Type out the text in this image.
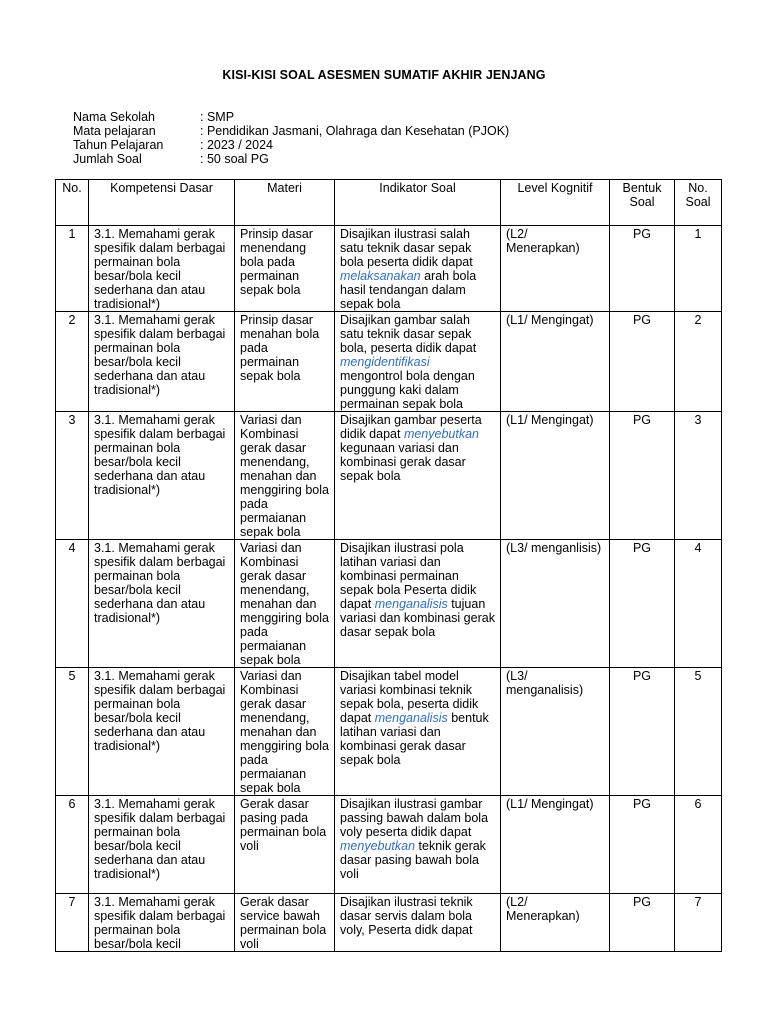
KISI-KISI SOAL ASESMEN SUMATIF AKHIR JENJANG
Nama Sekolah	: SMP
Mata pelajaran	: Pendidikan Jasmani, Olahraga dan Kesehatan (PJOK)
Tahun Pelajaran	: 2023 / 2024
Jumlah Soal	: 50 soal PG
No.	Kompetensi Dasar	Materi	Indikator Soal	Level Kognitif	Bentuk Soal	No. Soal
1	3.1. Memahami gerak spesifik dalam berbagai permainan bola besar/bola kecil sederhana dan atau tradisional*)	Prinsip dasar menendang bola pada permainan sepak bola	Disajikan ilustrasi salah satu teknik dasar sepak bola peserta didik dapat melaksanakan arah bola hasil tendangan dalam sepak bola	(L2/ Menerapkan)	PG	1
2	3.1. Memahami gerak spesifik dalam berbagai permainan bola besar/bola kecil sederhana dan atau tradisional*)	Prinsip dasar menahan bola pada permainan sepak bola	Disajikan gambar salah satu teknik dasar sepak bola, peserta didik dapat mengidentifikasi mengontrol bola dengan punggung kaki dalam permainan sepak bola	(L1/ Mengingat)	PG	2
3	3.1. Memahami gerak spesifik dalam berbagai permainan bola besar/bola kecil sederhana dan atau tradisional*)	Variasi dan Kombinasi gerak dasar menendang, menahan dan menggiring bola pada permaianan sepak bola	Disajikan gambar peserta didik dapat menyebutkan kegunaan variasi dan kombinasi gerak dasar sepak bola	(L1/ Mengingat)	PG	3
4	3.1. Memahami gerak spesifik dalam berbagai permainan bola besar/bola kecil sederhana dan atau tradisional*)	Variasi dan Kombinasi gerak dasar menendang, menahan dan menggiring bola pada permaianan sepak bola	Disajikan ilustrasi pola latihan variasi dan kombinasi permainan sepak bola Peserta didik dapat menganalisis tujuan variasi dan kombinasi gerak dasar sepak bola	(L3/ menganlisis)	PG	4
5	3.1. Memahami gerak spesifik dalam berbagai permainan bola besar/bola kecil sederhana dan atau tradisional*)	Variasi dan Kombinasi gerak dasar menendang, menahan dan menggiring bola pada permaianan sepak bola	Disajikan tabel model variasi kombinasi teknik sepak bola, peserta didik dapat menganalisis bentuk latihan variasi dan kombinasi gerak dasar sepak bola	(L3/ menganalisis)	PG	5
6	3.1. Memahami gerak spesifik dalam berbagai permainan bola besar/bola kecil sederhana dan atau tradisional*)	Gerak dasar pasing pada permainan bola voli	Disajikan ilustrasi gambar passing bawah dalam bola voly peserta didik dapat menyebutkan teknik gerak dasar pasing bawah bola voli	(L1/ Mengingat)	PG	6
7	3.1. Memahami gerak spesifik dalam berbagai permainan bola besar/bola kecil	Gerak dasar service bawah permainan bola voli	Disajikan ilustrasi teknik dasar servis dalam bola voly, Peserta didk dapat	(L2/ Menerapkan)	PG	7
